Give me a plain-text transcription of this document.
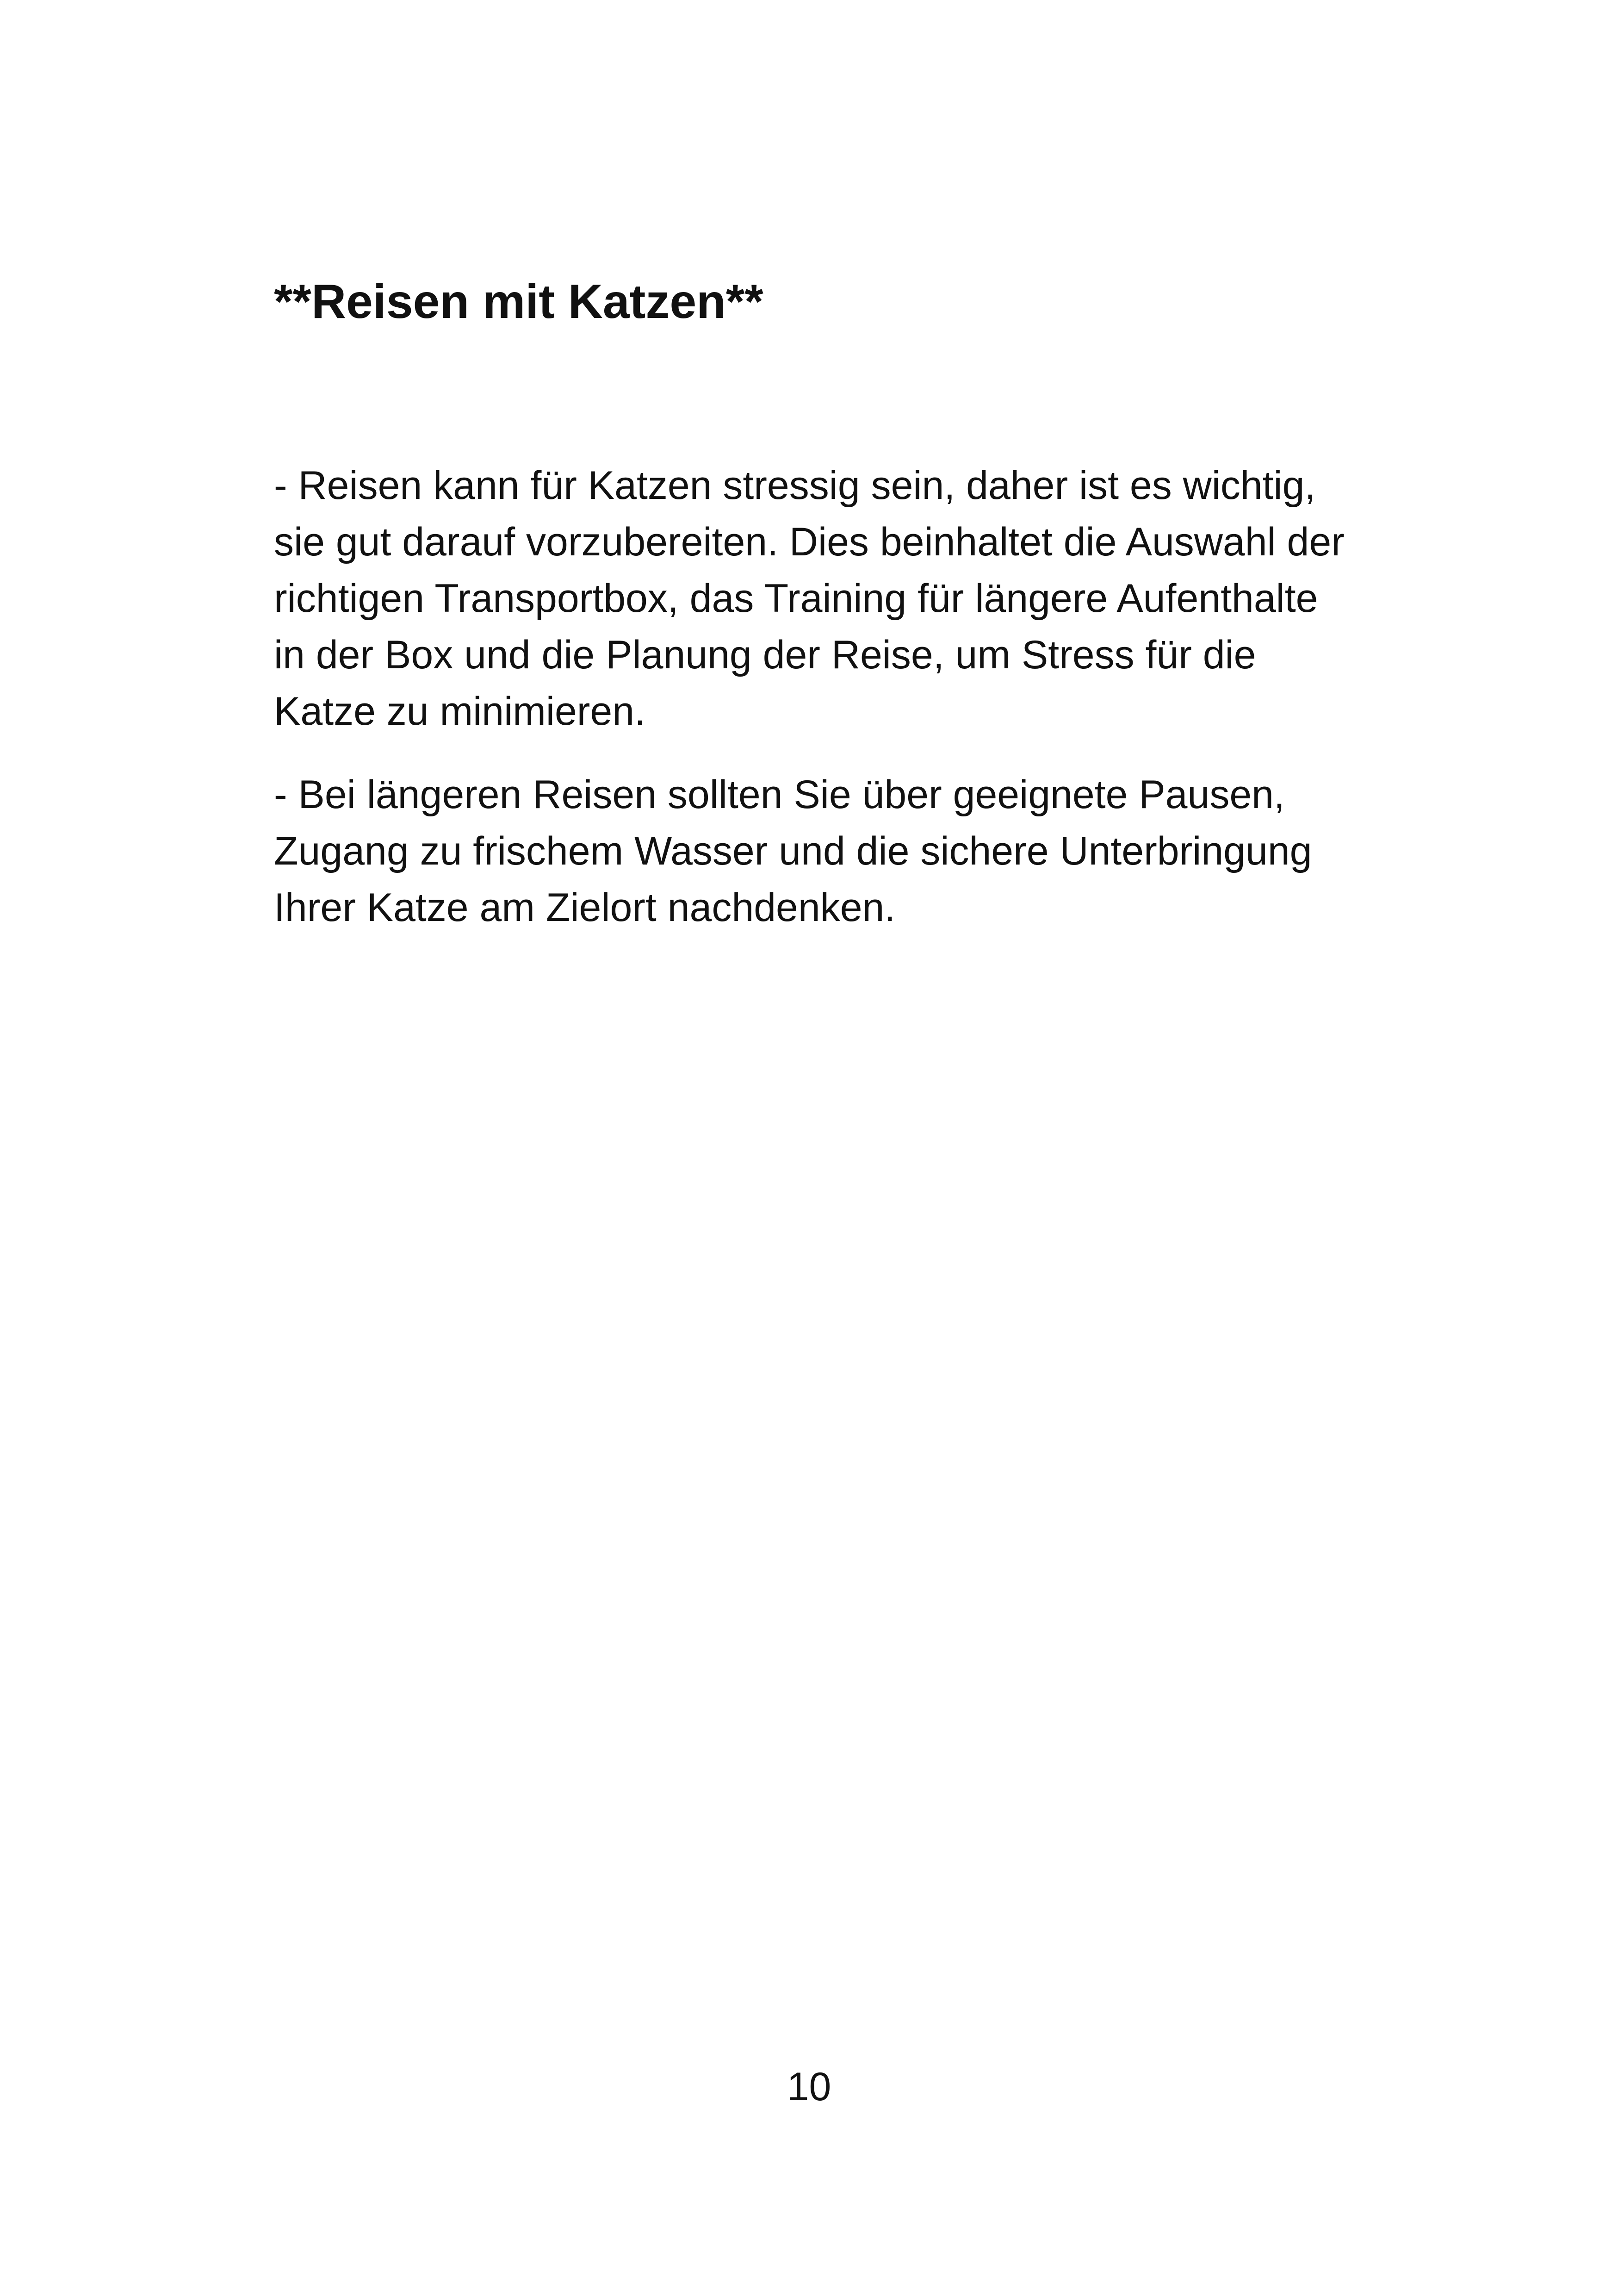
**Reisen mit Katzen**

- Reisen kann für Katzen stressig sein, daher ist es wichtig, sie gut darauf vorzubereiten. Dies beinhaltet die Auswahl der richtigen Transportbox, das Training für längere Aufenthalte in der Box und die Planung der Reise, um Stress für die Katze zu minimieren.

- Bei längeren Reisen sollten Sie über geeignete Pausen, Zugang zu frischem Wasser und die sichere Unterbringung Ihrer Katze am Zielort nachdenken.

10
